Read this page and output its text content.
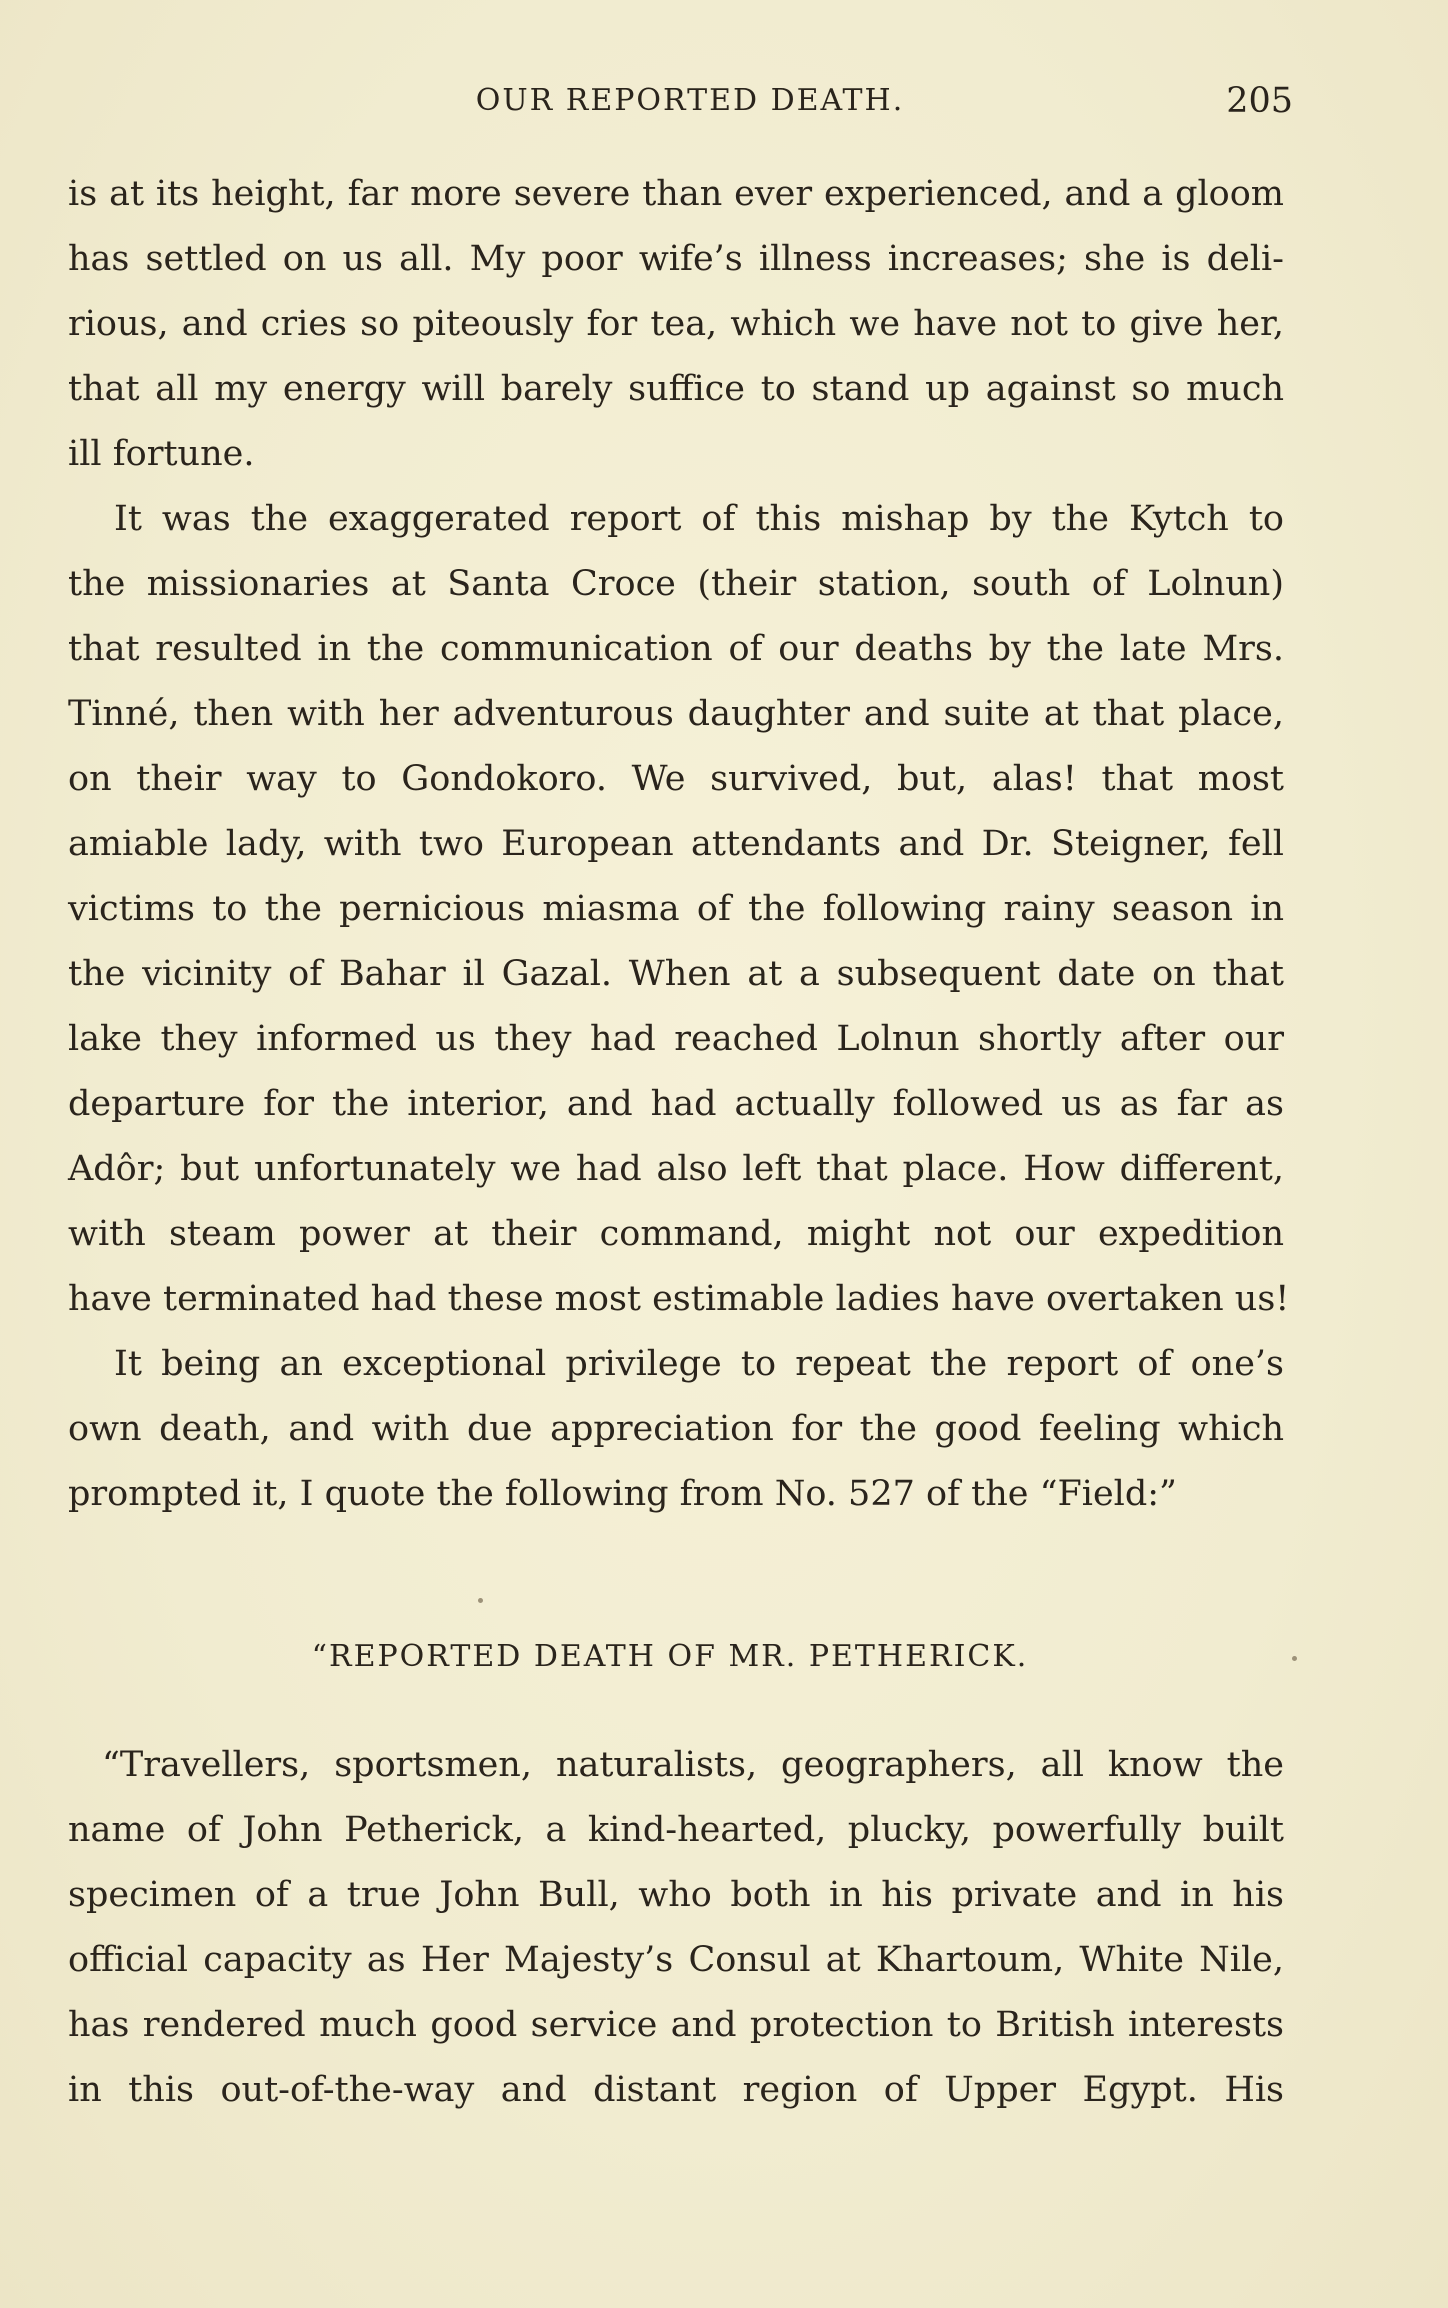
OUR REPORTED DEATH.	205
is at its height, far more severe than ever experienced, and a gloom
has settled on us all. My poor wife’s illness increases; she is deli-
rious, and cries so piteously for tea, which we have not to give her,
that all my energy will barely suffice to stand up against so much
ill fortune.
It was the exaggerated report of this mishap by the Kytch to
the missionaries at Santa Croce (their station, south of Lolnun)
that resulted in the communication of our deaths by the late Mrs.
Tinné, then with her adventurous daughter and suite at that place,
on their way to Gondokoro. We survived, but, alas! that most
amiable lady, with two European attendants and Dr. Steigner, fell
victims to the pernicious miasma of the following rainy season in
the vicinity of Bahar il Gazal. When at a subsequent date on that
lake they informed us they had reached Lolnun shortly after our
departure for the interior, and had actually followed us as far as
Adôr; but unfortunately we had also left that place. How different,
with steam power at their command, might not our expedition
have terminated had these most estimable ladies have overtaken us!
It being an exceptional privilege to repeat the report of one’s
own death, and with due appreciation for the good feeling which
prompted it, I quote the following from No. 527 of the “Field:”
“REPORTED DEATH OF MR. PETHERICK.
“Travellers, sportsmen, naturalists, geographers, all know the
name of John Petherick, a kind-hearted, plucky, powerfully built
specimen of a true John Bull, who both in his private and in his
official capacity as Her Majesty’s Consul at Khartoum, White Nile,
has rendered much good service and protection to British interests
in this out-of-the-way and distant region of Upper Egypt. His
